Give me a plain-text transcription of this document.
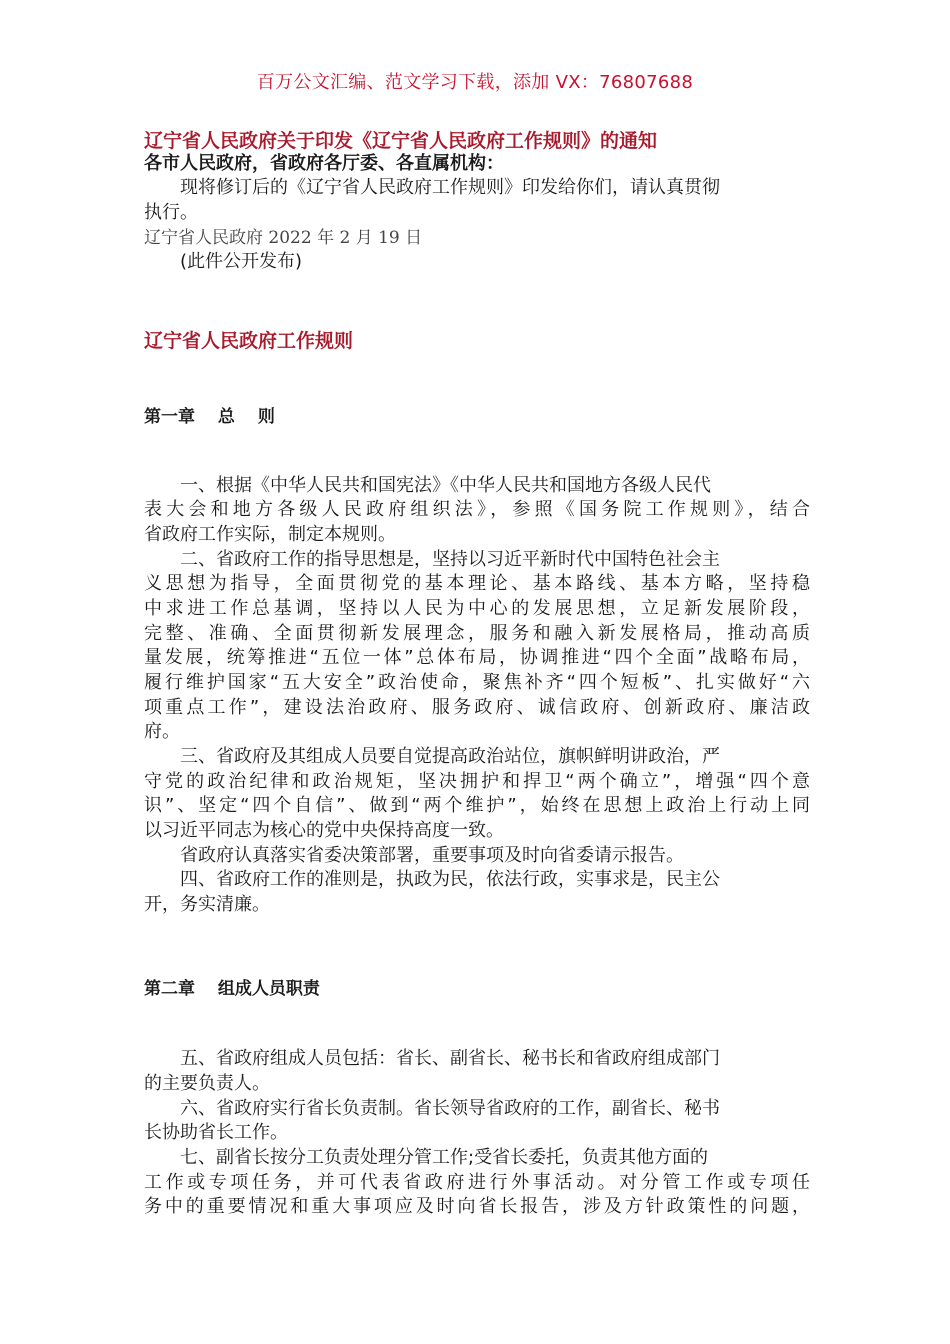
百万公文汇编、范文学习下载，添加 VX：76807688
辽宁省人民政府关于印发《辽宁省人民政府工作规则》的通知
各市人民政府，省政府各厅委、各直属机构：
现将修订后的《辽宁省人民政府工作规则》印发给你们，请认真贯彻
执行。
辽宁省人民政府 2022 年 2 月 19 日
(此件公开发布)
辽宁省人民政府工作规则
第一章　 总　 则
一、根据《中华人民共和国宪法》《中华人民共和国地方各级人民代
表大会和地方各级人民政府组织法》，参照《国务院工作规则》，结合
省政府工作实际，制定本规则。
二、省政府工作的指导思想是，坚持以习近平新时代中国特色社会主
义思想为指导，全面贯彻党的基本理论、基本路线、基本方略，坚持稳
中求进工作总基调，坚持以人民为中心的发展思想，立足新发展阶段，
完整、准确、全面贯彻新发展理念，服务和融入新发展格局，推动高质
量发展，统筹推进“五位一体”总体布局，协调推进“四个全面”战略布局，
履行维护国家“五大安全”政治使命，聚焦补齐“四个短板”、扎实做好“六
项重点工作”，建设法治政府、服务政府、诚信政府、创新政府、廉洁政
府。
三、省政府及其组成人员要自觉提高政治站位，旗帜鲜明讲政治，严
守党的政治纪律和政治规矩，坚决拥护和捍卫“两个确立”，增强“四个意
识”、坚定“四个自信”、做到“两个维护”，始终在思想上政治上行动上同
以习近平同志为核心的党中央保持高度一致。
省政府认真落实省委决策部署，重要事项及时向省委请示报告。
四、省政府工作的准则是，执政为民，依法行政，实事求是，民主公
开，务实清廉。
第二章　 组成人员职责
五、省政府组成人员包括：省长、副省长、秘书长和省政府组成部门
的主要负责人。
六、省政府实行省长负责制。省长领导省政府的工作，副省长、秘书
长协助省长工作。
七、副省长按分工负责处理分管工作;受省长委托，负责其他方面的
工作或专项任务，并可代表省政府进行外事活动。对分管工作或专项任
务中的重要情况和重大事项应及时向省长报告，涉及方针政策性的问题，
